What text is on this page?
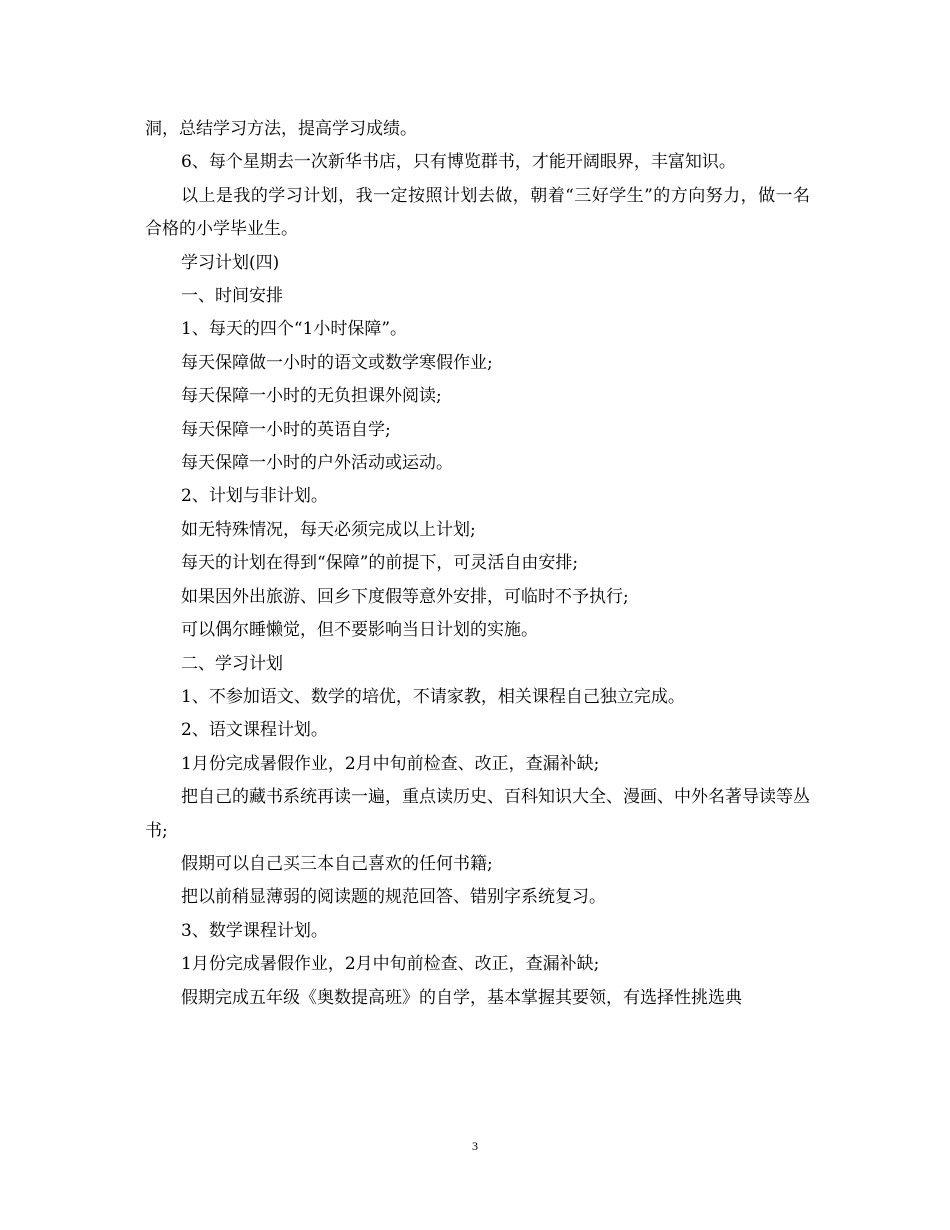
洞，总结学习方法，提高学习成绩。

6、每个星期去一次新华书店，只有博览群书，才能开阔眼界，丰富知识。

以上是我的学习计划，我一定按照计划去做，朝着“三好学生”的方向努力，做一名合格的小学毕业生。

学习计划(四)

一、时间安排

1、每天的四个“1小时保障”。

每天保障做一小时的语文或数学寒假作业;

每天保障一小时的无负担课外阅读;

每天保障一小时的英语自学;

每天保障一小时的户外活动或运动。

2、计划与非计划。

如无特殊情况，每天必须完成以上计划;

每天的计划在得到“保障”的前提下，可灵活自由安排;

如果因外出旅游、回乡下度假等意外安排，可临时不予执行;

可以偶尔睡懒觉，但不要影响当日计划的实施。

二、学习计划

1、不参加语文、数学的培优，不请家教，相关课程自己独立完成。

2、语文课程计划。

1月份完成暑假作业，2月中旬前检查、改正，查漏补缺;

把自己的藏书系统再读一遍，重点读历史、百科知识大全、漫画、中外名著导读等丛书;

假期可以自己买三本自己喜欢的任何书籍;

把以前稍显薄弱的阅读题的规范回答、错别字系统复习。

3、数学课程计划。

1月份完成暑假作业，2月中旬前检查、改正，查漏补缺;

假期完成五年级《奥数提高班》的自学，基本掌握其要领，有选择性挑选典

3
